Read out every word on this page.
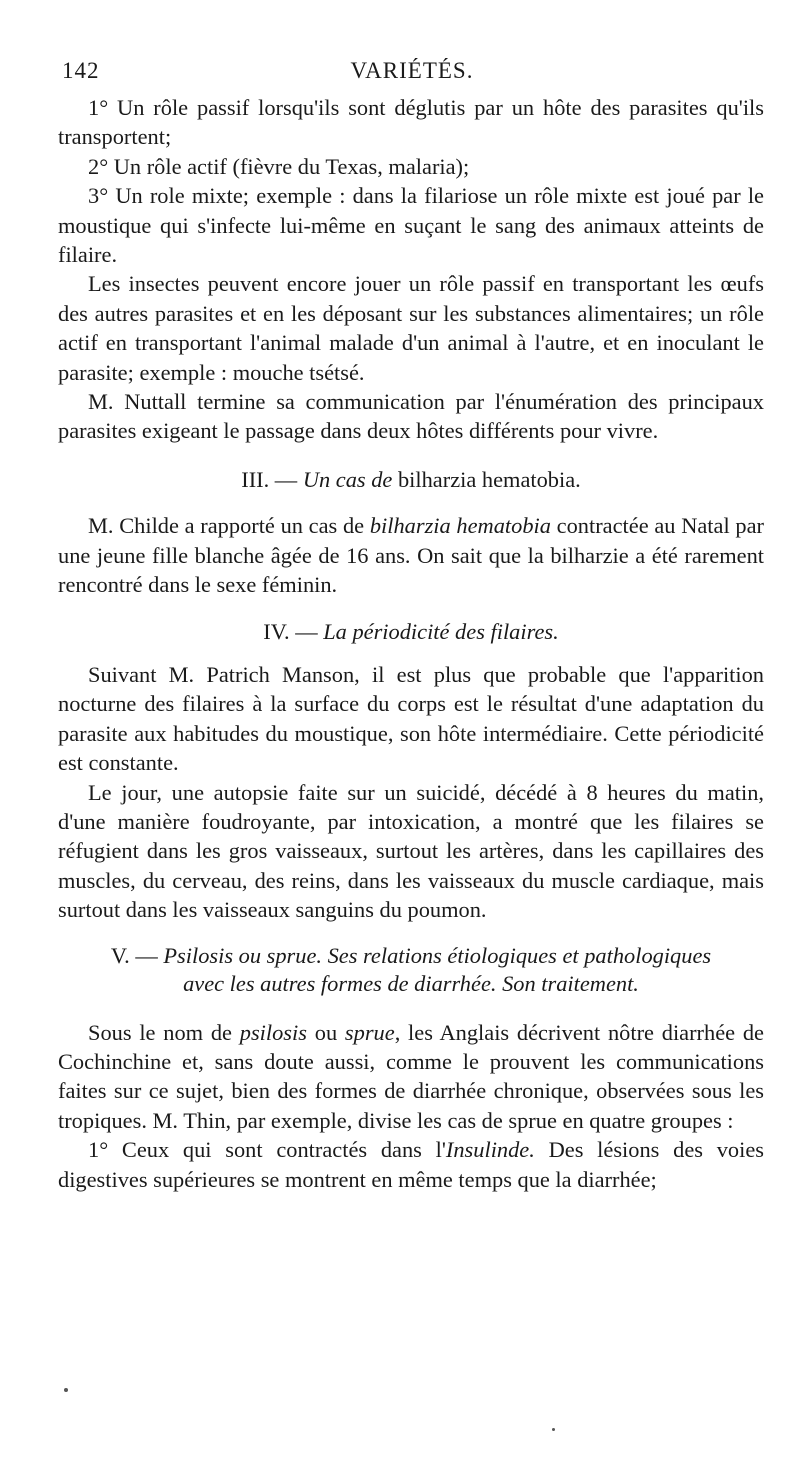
142	VARIÉTÉS.

1° Un rôle passif lorsqu'ils sont déglutis par un hôte des parasites qu'ils transportent;

2° Un rôle actif (fièvre du Texas, malaria);

3° Un role mixte; exemple : dans la filariose un rôle mixte est joué par le moustique qui s'infecte lui-même en suçant le sang des animaux atteints de filaire.

Les insectes peuvent encore jouer un rôle passif en transportant les œufs des autres parasites et en les déposant sur les substances alimentaires; un rôle actif en transportant l'animal malade d'un animal à l'autre, et en inoculant le parasite; exemple : mouche tsétsé.

M. Nuttall termine sa communication par l'énumération des principaux parasites exigeant le passage dans deux hôtes différents pour vivre.

III. — Un cas de bilharzia hematobia.

M. Childe a rapporté un cas de bilharzia hematobia contractée au Natal par une jeune fille blanche âgée de 16 ans. On sait que la bilharzie a été rarement rencontré dans le sexe féminin.

IV. — La périodicité des filaires.

Suivant M. Patrich Manson, il est plus que probable que l'apparition nocturne des filaires à la surface du corps est le résultat d'une adaptation du parasite aux habitudes du moustique, son hôte intermédiaire. Cette périodicité est constante.

Le jour, une autopsie faite sur un suicidé, décédé à 8 heures du matin, d'une manière foudroyante, par intoxication, a montré que les filaires se réfugient dans les gros vaisseaux, surtout les artères, dans les capillaires des muscles, du cerveau, des reins, dans les vaisseaux du muscle cardiaque, mais surtout dans les vaisseaux sanguins du poumon.

V. — Psilosis ou sprue. Ses relations étiologiques et pathologiques
avec les autres formes de diarrhée. Son traitement.

Sous le nom de psilosis ou sprue, les Anglais décrivent nôtre diarrhée de Cochinchine et, sans doute aussi, comme le prouvent les communications faites sur ce sujet, bien des formes de diarrhée chronique, observées sous les tropiques. M. Thin, par exemple, divise les cas de sprue en quatre groupes :

1° Ceux qui sont contractés dans l'Insulinde. Des lésions des voies digestives supérieures se montrent en même temps que la diarrhée;
